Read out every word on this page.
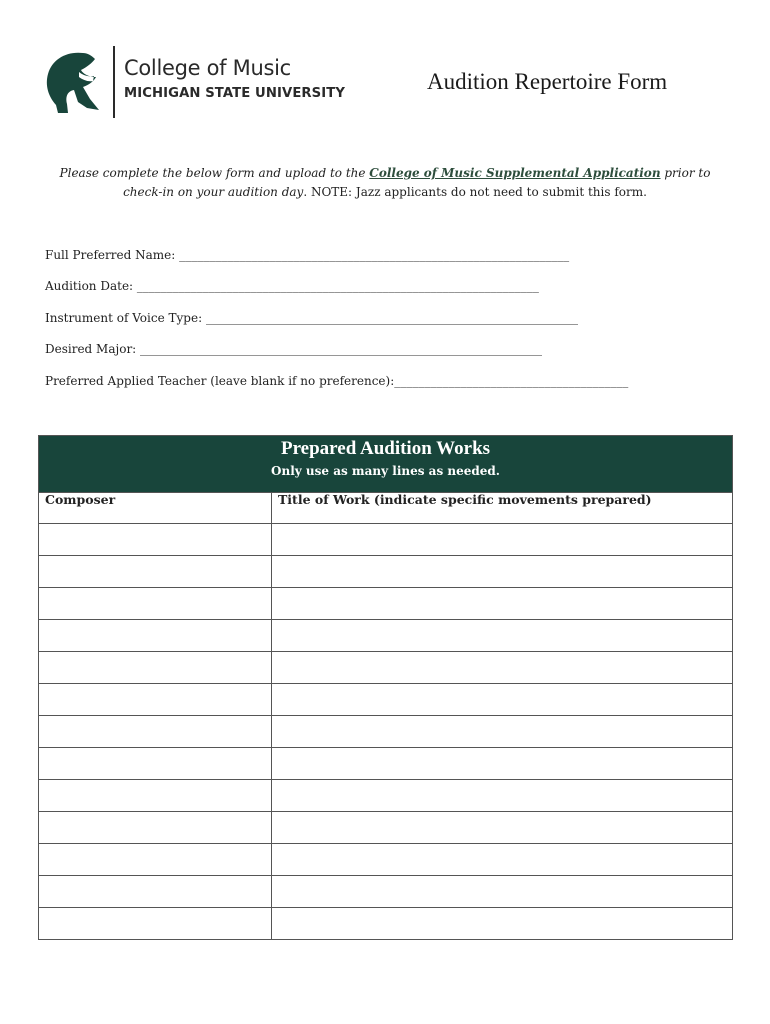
College of Music
MICHIGAN STATE UNIVERSITY	Audition Repertoire Form
Please complete the below form and upload to the College of Music Supplemental Application prior to check-in on your audition day. NOTE: Jazz applicants do not need to submit this form.
Full Preferred Name: _________________________________________________________________
Audition Date: ___________________________________________________________________
Instrument of Voice Type: ______________________________________________________________
Desired Major: ___________________________________________________________________
Preferred Applied Teacher (leave blank if no preference):_______________________________________
Prepared Audition Works
Only use as many lines as needed.	

Composer	Title of Work (indicate specific movements prepared)
